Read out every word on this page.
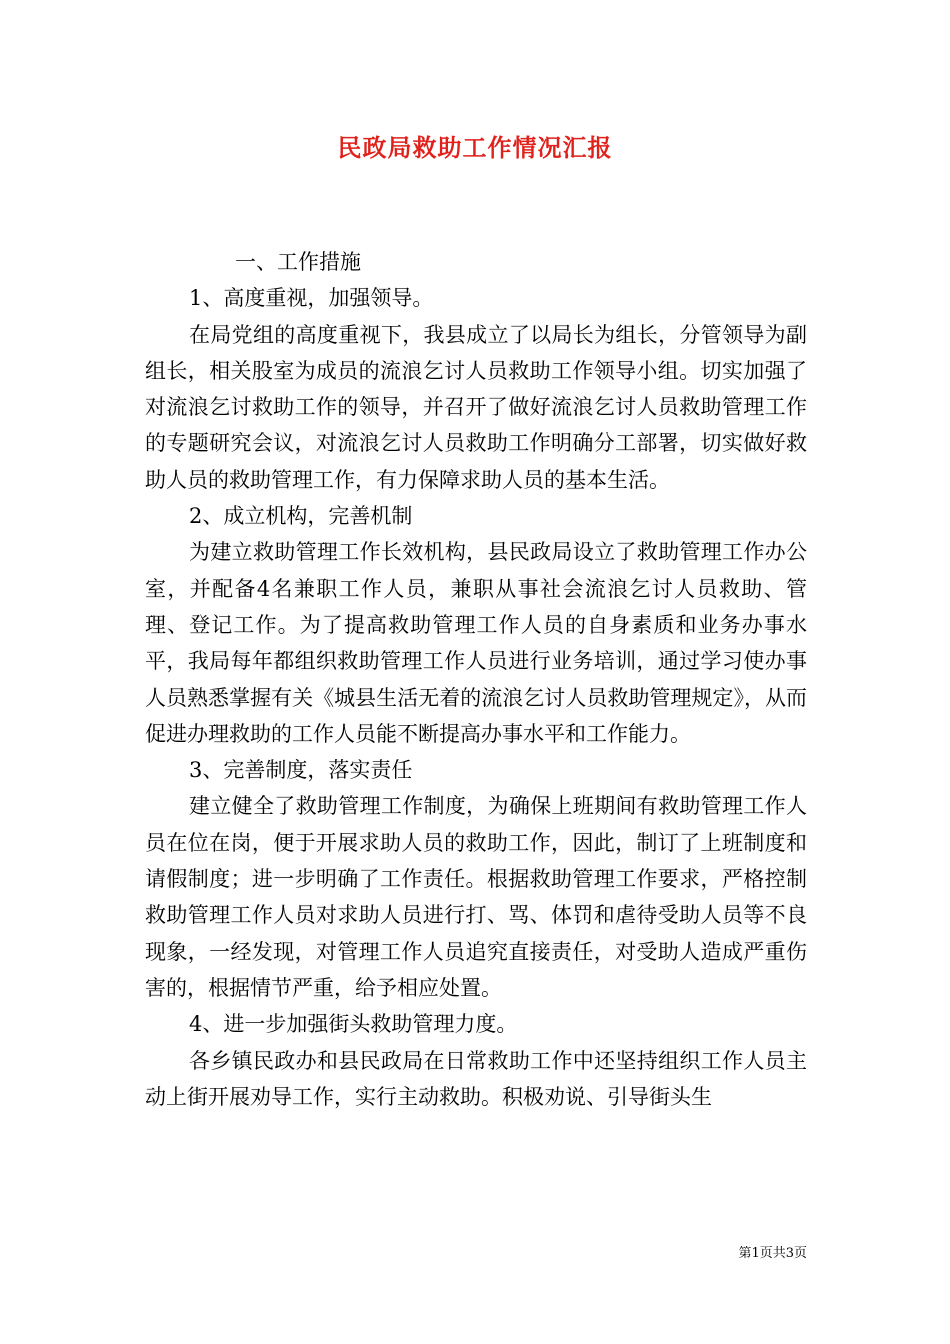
民政局救助工作情况汇报

一、工作措施

1、高度重视，加强领导。

在局党组的高度重视下，我县成立了以局长为组长，分管领导为副组长，相关股室为成员的流浪乞讨人员救助工作领导小组。切实加强了对流浪乞讨救助工作的领导，并召开了做好流浪乞讨人员救助管理工作的专题研究会议，对流浪乞讨人员救助工作明确分工部署，切实做好救助人员的救助管理工作，有力保障求助人员的基本生活。

2、成立机构，完善机制

为建立救助管理工作长效机构，县民政局设立了救助管理工作办公室，并配备4名兼职工作人员，兼职从事社会流浪乞讨人员救助、管理、登记工作。为了提高救助管理工作人员的自身素质和业务办事水平，我局每年都组织救助管理工作人员进行业务培训，通过学习使办事人员熟悉掌握有关《城县生活无着的流浪乞讨人员救助管理规定》，从而促进办理救助的工作人员能不断提高办事水平和工作能力。

3、完善制度，落实责任

建立健全了救助管理工作制度，为确保上班期间有救助管理工作人员在位在岗，便于开展求助人员的救助工作，因此，制订了上班制度和请假制度；进一步明确了工作责任。根据救助管理工作要求，严格控制救助管理工作人员对求助人员进行打、骂、体罚和虐待受助人员等不良现象，一经发现，对管理工作人员追究直接责任，对受助人造成严重伤害的，根据情节严重，给予相应处置。

4、进一步加强街头救助管理力度。

各乡镇民政办和县民政局在日常救助工作中还坚持组织工作人员主动上街开展劝导工作，实行主动救助。积极劝说、引导街头生

第1页共3页
